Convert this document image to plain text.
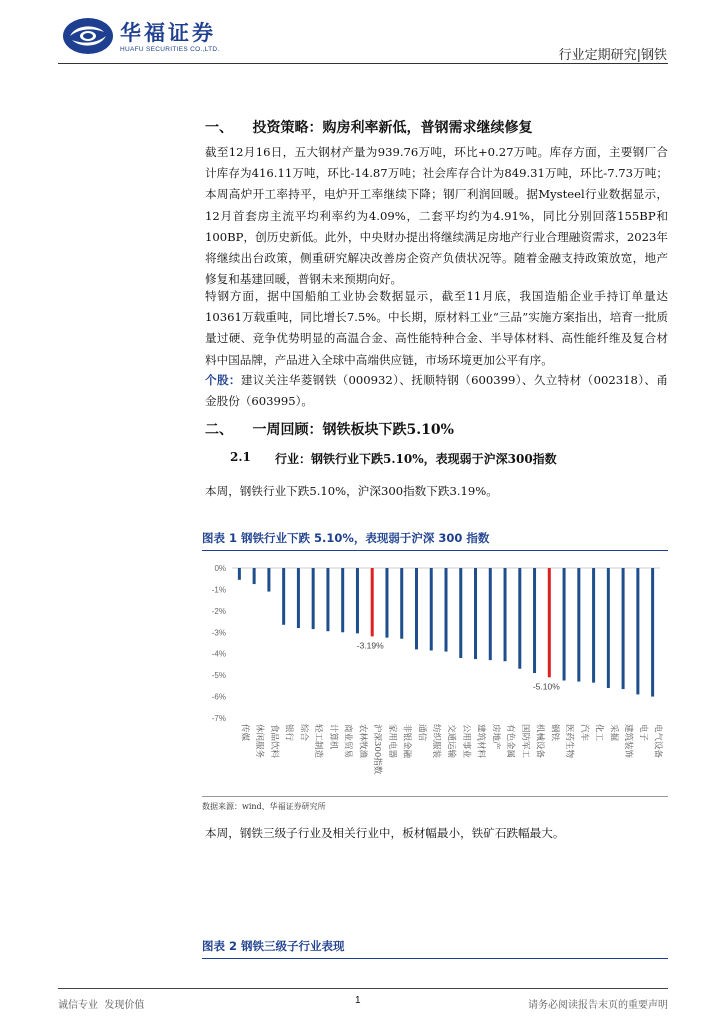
华福证券
HUAFU SECURITIES CO.,LTD.	行业定期研究|钢铁
一、    投资策略：购房利率新低，普钢需求继续修复
截至12月16日，五大钢材产量为939.76万吨，环比+0.27万吨。库存方面，主要钢厂合计库存为416.11万吨，环比-14.87万吨；社会库存合计为849.31万吨，环比-7.73万吨；本周高炉开工率持平，电炉开工率继续下降；钢厂利润回暖。据Mysteel行业数据显示，12月首套房主流平均利率约为4.09%，二套平均约为4.91%，同比分别回落155BP和100BP，创历史新低。此外，中央财办提出将继续满足房地产行业合理融资需求，2023年将继续出台政策，侧重研究解决改善房企资产负债状况等。随着金融支持政策放宽，地产修复和基建回暖，普钢未来预期向好。
特钢方面，据中国船舶工业协会数据显示，截至11月底，我国造船企业手持订单量达10361万载重吨，同比增长7.5%。中长期，原材料工业“三品”实施方案指出，培育一批质量过硬、竞争优势明显的高温合金、高性能特种合金、半导体材料、高性能纤维及复合材料中国品牌，产品进入全球中高端供应链，市场环境更加公平有序。
个股：建议关注华菱钢铁（000932）、抚顺特钢（600399）、久立特材（002318）、甬金股份（603995）。
二、    一周回顾：钢铁板块下跌5.10%
2.1 行业：钢铁行业下跌5.10%，表现弱于沪深300指数
本周，钢铁行业下跌5.10%，沪深300指数下跌3.19%。
图表 1 钢铁行业下跌 5.10%，表现弱于沪深 300 指数
0%
-1%
-2%
-3%
-4%
-5%
-6%
-7%
传媒 休闲服务 食品饮料 银行 综合 轻工制造 计算机 商业贸易 农林牧渔 沪深300指数 家用电器 非银金融 通信 纺织服装 交通运输 公用事业 建筑材料 房地产 有色金属 国防军工 机械设备 钢铁 医药生物 汽车 化工 采掘 建筑装饰 电子 电气设备
-3.19%
-5.10%
数据来源：wind、华福证券研究所
本周，钢铁三级子行业及相关行业中，板材幅最小，铁矿石跌幅最大。
图表 2 钢铁三级子行业表现
诚信专业  发现价值	1	请务必阅读报告末页的重要声明
